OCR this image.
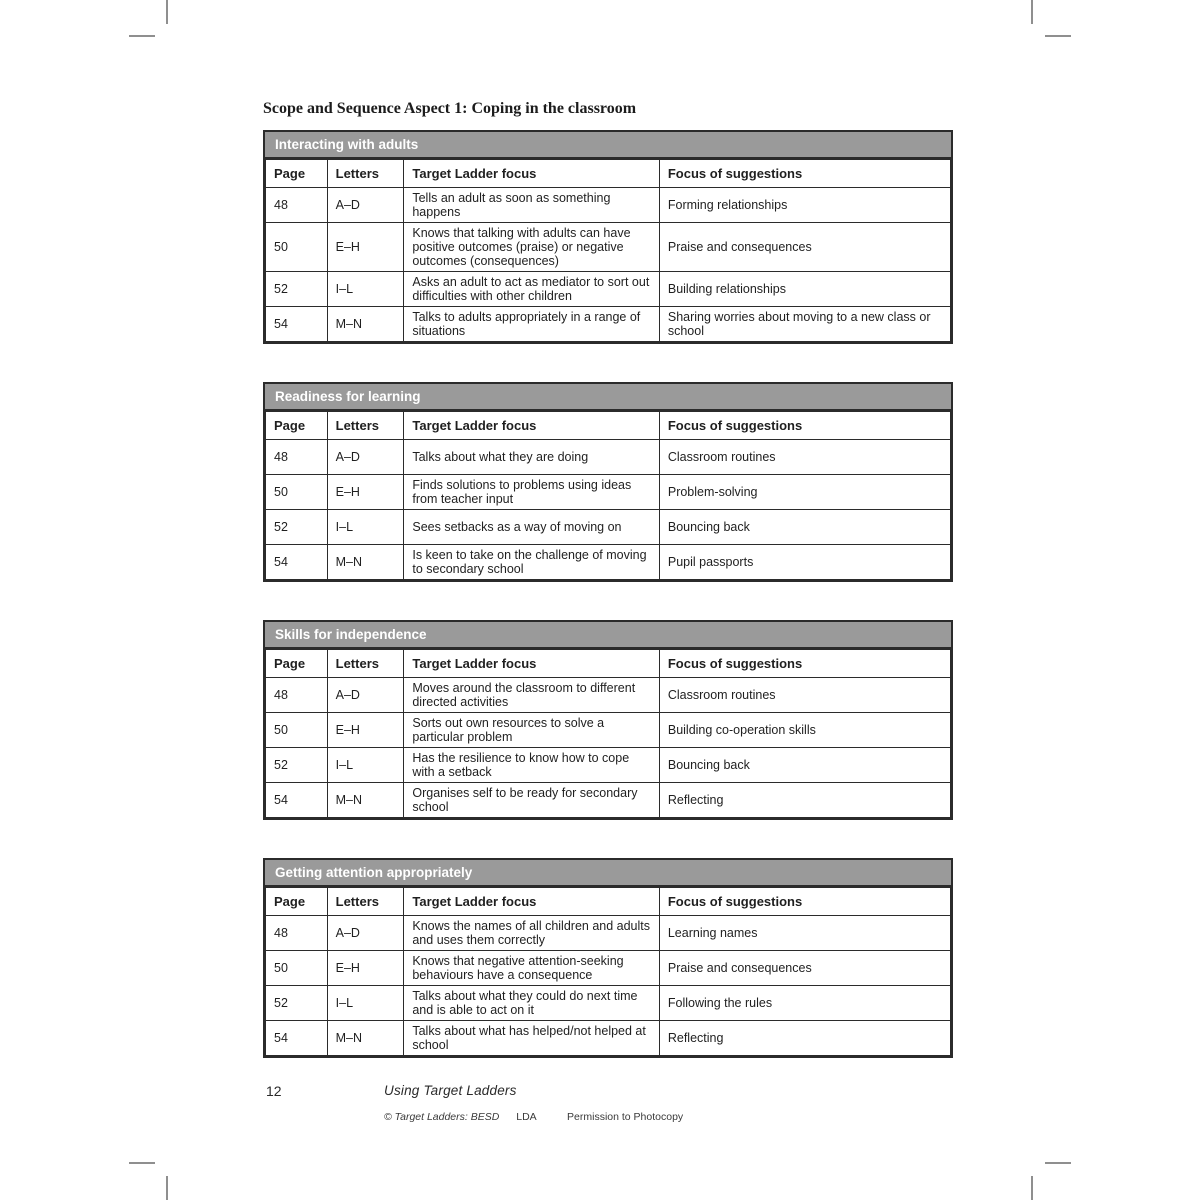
Scope and Sequence Aspect 1: Coping in the classroom
Interacting with adults
Page	Letters	Target Ladder focus	Focus of suggestions
48	A–D	Tells an adult as soon as something happens	Forming relationships
50	E–H	Knows that talking with adults can have positive outcomes (praise) or negative outcomes (consequences)	Praise and consequences
52	I–L	Asks an adult to act as mediator to sort out difficulties with other children	Building relationships
54	M–N	Talks to adults appropriately in a range of situations	Sharing worries about moving to a new class or school
Readiness for learning
Page	Letters	Target Ladder focus	Focus of suggestions
48	A–D	Talks about what they are doing	Classroom routines
50	E–H	Finds solutions to problems using ideas from teacher input	Problem-solving
52	I–L	Sees setbacks as a way of moving on	Bouncing back
54	M–N	Is keen to take on the challenge of moving to secondary school	Pupil passports
Skills for independence
Page	Letters	Target Ladder focus	Focus of suggestions
48	A–D	Moves around the classroom to different directed activities	Classroom routines
50	E–H	Sorts out own resources to solve a particular problem	Building co-operation skills
52	I–L	Has the resilience to know how to cope with a setback	Bouncing back
54	M–N	Organises self to be ready for secondary school	Reflecting
Getting attention appropriately
Page	Letters	Target Ladder focus	Focus of suggestions
48	A–D	Knows the names of all children and adults and uses them correctly	Learning names
50	E–H	Knows that negative attention-seeking behaviours have a consequence	Praise and consequences
52	I–L	Talks about what they could do next time and is able to act on it	Following the rules
54	M–N	Talks about what has helped/not helped at school	Reflecting
12	Using Target Ladders
© Target Ladders: BESD LDA	Permission to Photocopy
